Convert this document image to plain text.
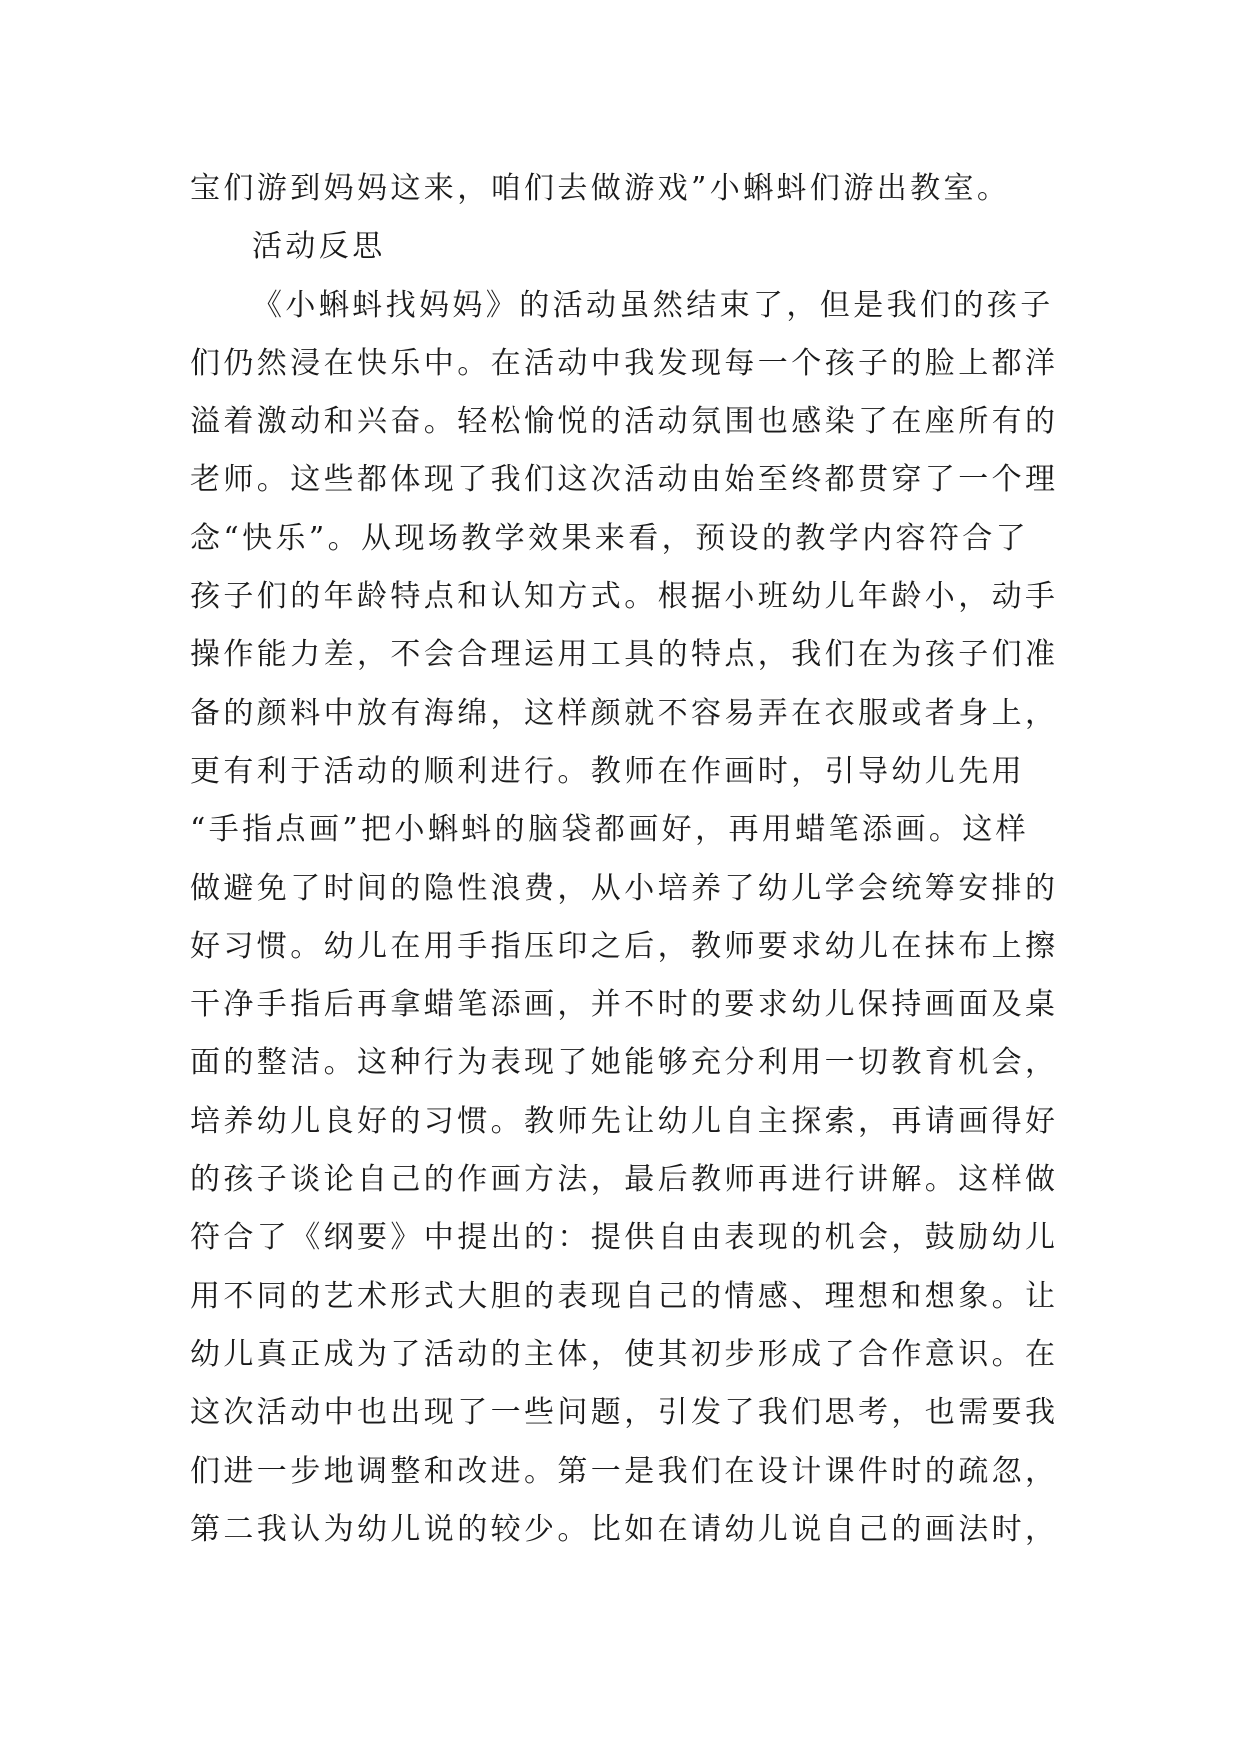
宝们游到妈妈这来，咱们去做游戏”小蝌蚪们游出教室。
活动反思
《小蝌蚪找妈妈》的活动虽然结束了，但是我们的孩子
们仍然浸在快乐中。在活动中我发现每一个孩子的脸上都洋
溢着激动和兴奋。轻松愉悦的活动氛围也感染了在座所有的
老师。这些都体现了我们这次活动由始至终都贯穿了一个理
念“快乐”。从现场教学效果来看，预设的教学内容符合了
孩子们的年龄特点和认知方式。根据小班幼儿年龄小，动手
操作能力差，不会合理运用工具的特点，我们在为孩子们准
备的颜料中放有海绵，这样颜就不容易弄在衣服或者身上，
更有利于活动的顺利进行。教师在作画时，引导幼儿先用
“手指点画”把小蝌蚪的脑袋都画好，再用蜡笔添画。这样
做避免了时间的隐性浪费，从小培养了幼儿学会统筹安排的
好习惯。幼儿在用手指压印之后，教师要求幼儿在抹布上擦
干净手指后再拿蜡笔添画，并不时的要求幼儿保持画面及桌
面的整洁。这种行为表现了她能够充分利用一切教育机会，
培养幼儿良好的习惯。教师先让幼儿自主探索，再请画得好
的孩子谈论自己的作画方法，最后教师再进行讲解。这样做
符合了《纲要》中提出的：提供自由表现的机会，鼓励幼儿
用不同的艺术形式大胆的表现自己的情感、理想和想象。让
幼儿真正成为了活动的主体，使其初步形成了合作意识。在
这次活动中也出现了一些问题，引发了我们思考，也需要我
们进一步地调整和改进。第一是我们在设计课件时的疏忽，
第二我认为幼儿说的较少。比如在请幼儿说自己的画法时，
